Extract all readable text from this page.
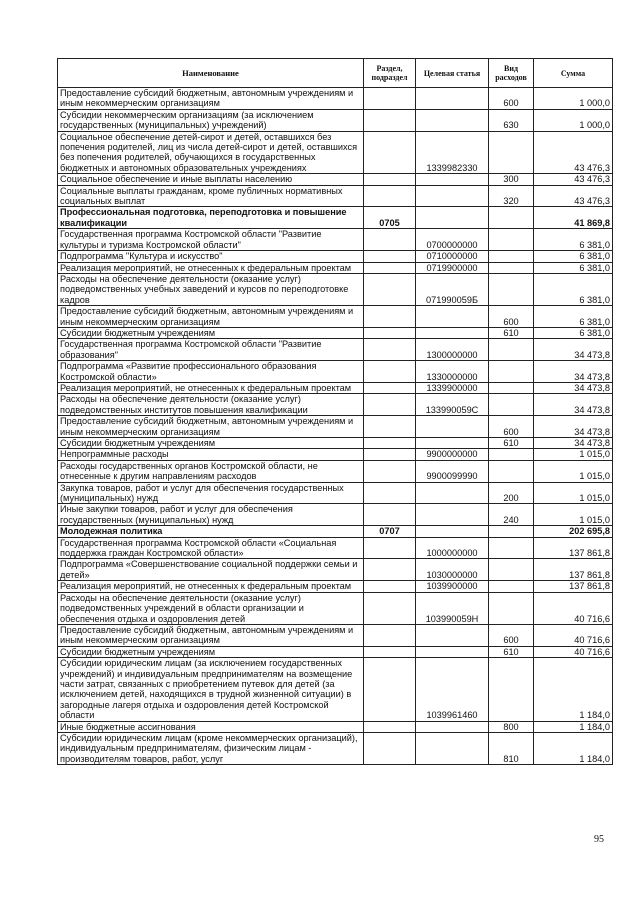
Наименование	Раздел, подраздел	Целевая статья	Вид расходов	Сумма
Предоставление субсидий бюджетным, автономным учреждениям и иным некоммерческим организациям			600	1 000,0
Субсидии некоммерческим организациям (за исключением государственных (муниципальных) учреждений)			630	1 000,0
Социальное обеспечение детей-сирот и детей, оставшихся без попечения родителей, лиц из числа детей-сирот и детей, оставшихся без попечения родителей, обучающихся в государственных бюджетных и автономных образовательных учреждениях		1339982330		43 476,3
Социальное обеспечение и иные выплаты населению			300	43 476,3
Социальные выплаты гражданам, кроме публичных нормативных социальных выплат			320	43 476,3
Профессиональная подготовка, переподготовка и повышение квалификации	0705			41 869,8
Государственная программа Костромской области "Развитие культуры и туризма Костромской области"		0700000000		6 381,0
Подпрограмма "Культура и искусство"		0710000000		6 381,0
Реализация мероприятий, не отнесенных к федеральным проектам		0719900000		6 381,0
Расходы на обеспечение деятельности (оказание услуг) подведомственных учебных заведений и курсов по переподготовке кадров		071990059Б		6 381,0
Предоставление субсидий бюджетным, автономным учреждениям и иным некоммерческим организациям			600	6 381,0
Субсидии бюджетным учреждениям			610	6 381,0
Государственная программа Костромской области "Развитие образования"		1300000000		34 473,8
Подпрограмма «Развитие профессионального образования Костромской области»		1330000000		34 473,8
Реализация мероприятий, не отнесенных к федеральным проектам		1339900000		34 473,8
Расходы на обеспечение деятельности (оказание услуг) подведомственных институтов повышения квалификации		133990059С		34 473,8
Предоставление субсидий бюджетным, автономным учреждениям и иным некоммерческим организациям			600	34 473,8
Субсидии бюджетным учреждениям			610	34 473,8
Непрограммные расходы		9900000000		1 015,0
Расходы государственных органов Костромской области, не отнесенные к другим направлениям расходов		9900099990		1 015,0
Закупка товаров, работ и услуг для обеспечения государственных (муниципальных) нужд			200	1 015,0
Иные закупки товаров, работ и услуг для обеспечения государственных (муниципальных) нужд			240	1 015,0
Молодежная политика	0707			202 695,8
Государственная программа Костромской области «Социальная поддержка граждан Костромской области»		1000000000		137 861,8
Подпрограмма «Совершенствование социальной поддержки семьи и детей»		1030000000		137 861,8
Реализация мероприятий, не отнесенных к федеральным проектам		1039900000		137 861,8
Расходы на обеспечение деятельности (оказание услуг) подведомственных учреждений в области организации и обеспечения отдыха и оздоровления детей		103990059Н		40 716,6
Предоставление субсидий бюджетным, автономным учреждениям и иным некоммерческим организациям			600	40 716,6
Субсидии бюджетным учреждениям			610	40 716,6
Субсидии юридическим лицам (за исключением государственных учреждений) и индивидуальным предпринимателям на возмещение части затрат, связанных с приобретением путевок для детей (за исключением детей, находящихся в трудной жизненной ситуации) в загородные лагеря отдыха и оздоровления детей Костромской области		1039961460		1 184,0
Иные бюджетные ассигнования			800	1 184,0
Субсидии юридическим лицам (кроме некоммерческих организаций), индивидуальным предпринимателям, физическим лицам - производителям товаров, работ, услуг			810	1 184,0
95
